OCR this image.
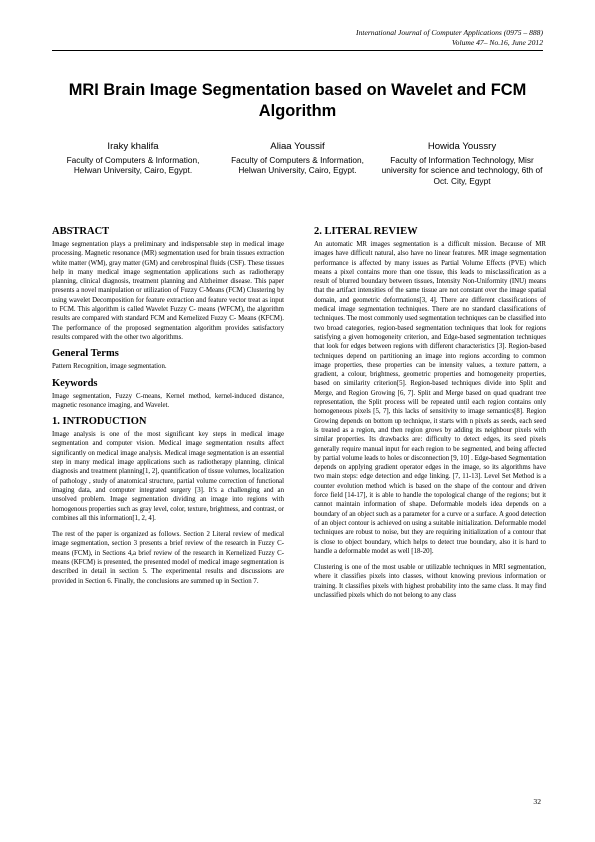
International Journal of Computer Applications (0975 – 888)
Volume 47– No.16, June 2012
MRI Brain Image Segmentation based on Wavelet and FCM Algorithm
Iraky khalifa
Faculty of Computers & Information, Helwan University, Cairo, Egypt.
Aliaa Youssif
Faculty of Computers & Information, Helwan University, Cairo, Egypt.
Howida Youssry
Faculty of Information Technology, Misr university for science and technology, 6th of Oct. City, Egypt
ABSTRACT

Image segmentation plays a preliminary and indispensable step in medical image processing. Magnetic resonance (MR) segmentation used for brain tissues extraction white matter (WM), gray matter (GM) and cerebrospinal fluids (CSF). These tissues help in many medical image segmentation applications such as radiotherapy planning, clinical diagnosis, treatment planning and Alzheimer disease. This paper presents a novel manipulation or utilization of Fuzzy C-Means (FCM) Clustering by using wavelet Decomposition for feature extraction and feature vector treat as input to FCM. This algorithm is called Wavelet Fuzzy C- means (WFCM), the algorithm results are compared with standard FCM and Kernelized Fuzzy C- Means (KFCM). The performance of the proposed segmentation algorithm provides satisfactory results compared with the other two algorithms.

General Terms

Pattern Recognition, image segmentation.

Keywords

Image segmentation, Fuzzy C-means, Kernel method, kernel-induced distance, magnetic resonance imaging, and Wavelet.

1. INTRODUCTION

Image analysis is one of the most significant key steps in medical image segmentation and computer vision. Medical image segmentation results affect significantly on medical image analysis. Medical image segmentation is an essential step in many medical image applications such as radiotherapy planning, clinical diagnosis and treatment planning[1, 2], quantification of tissue volumes, localization of pathology , study of anatomical structure, partial volume correction of functional imaging data, and computer integrated surgery [3]. It's a challenging and an unsolved problem. Image segmentation dividing an image into regions with homogenous properties such as gray level, color, texture, brightness, and contrast, or combines all this information[1, 2, 4].

The rest of the paper is organized as follows. Section 2 Literal review of medical image segmentation, section 3 presents a brief review of the research in Fuzzy C-means (FCM), in Sections 4,a brief review of the research in Kernelized Fuzzy C-means (KFCM) is presented, the presented model of medical image segmentation is described in detail in section 5. The experimental results and discussions are provided in Section 6. Finally, the conclusions are summed up in Section 7.

2. LITERAL REVIEW

An automatic MR images segmentation is a difficult mission. Because of MR images have difficult natural, also have no linear features. MR image segmentation performance is affected by many issues as Partial Volume Effects (PVE) which means a pixel contains more than one tissue, this leads to misclassification as a result of blurred boundary between tissues, Intensity Non-Uniformity (INU) means that the artifact intensities of the same tissue are not constant over the image spatial domain, and geometric deformations[3, 4]. There are different classifications of medical image segmentation techniques. There are no standard classifications of techniques. The most commonly used segmentation techniques can be classified into two broad categories, region-based segmentation techniques that look for regions satisfying a given homogeneity criterion, and Edge-based segmentation techniques that look for edges between regions with different characteristics [3]. Region-based techniques depend on partitioning an image into regions according to common image properties, these properties can be intensity values, a texture pattern, a gradient, a colour, brightness, geometric properties and homogeneity properties, based on similarity criterion[5]. Region-based techniques divide into Split and Merge, and Region Growing [6, 7]. Split and Merge based on quad quadrant tree representation, the Split process will be repeated until each region contains only homogeneous pixels [5, 7], this lacks of sensitivity to image semantics[8]. Region Growing depends on bottom up technique, it starts with n pixels as seeds, each seed is treated as a region, and then region grows by adding its neighbour pixels with similar properties. Its drawbacks are: difficulty to detect edges, its seed pixels generally require manual input for each region to be segmented, and being affected by partial volume leads to holes or disconnection [9, 10] . Edge-based Segmentation depends on applying gradient operator edges in the image, so its algorithms have two main steps: edge detection and edge linking. [7, 11-13]. Level Set Method is a counter evolution method which is based on the shape of the contour and driven force field [14-17], it is able to handle the topological change of the regions; but it cannot maintain information of shape. Deformable models idea depends on a boundary of an object such as a parameter for a curve or a surface. A good detection of an object contour is achieved on using a suitable initialization. Deformable model techniques are robust to noise, but they are requiring initialization of a contour that is close to object boundary, which helps to detect true boundary, also it is hard to handle a deformable model as well [18-20].

Clustering is one of the most usable or utilizable techniques in MRI segmentation, where it classifies pixels into classes, without knowing previous information or training. It classifies pixels with highest probability into the same class. It may find unclassified pixels which do not belong to any class

32
